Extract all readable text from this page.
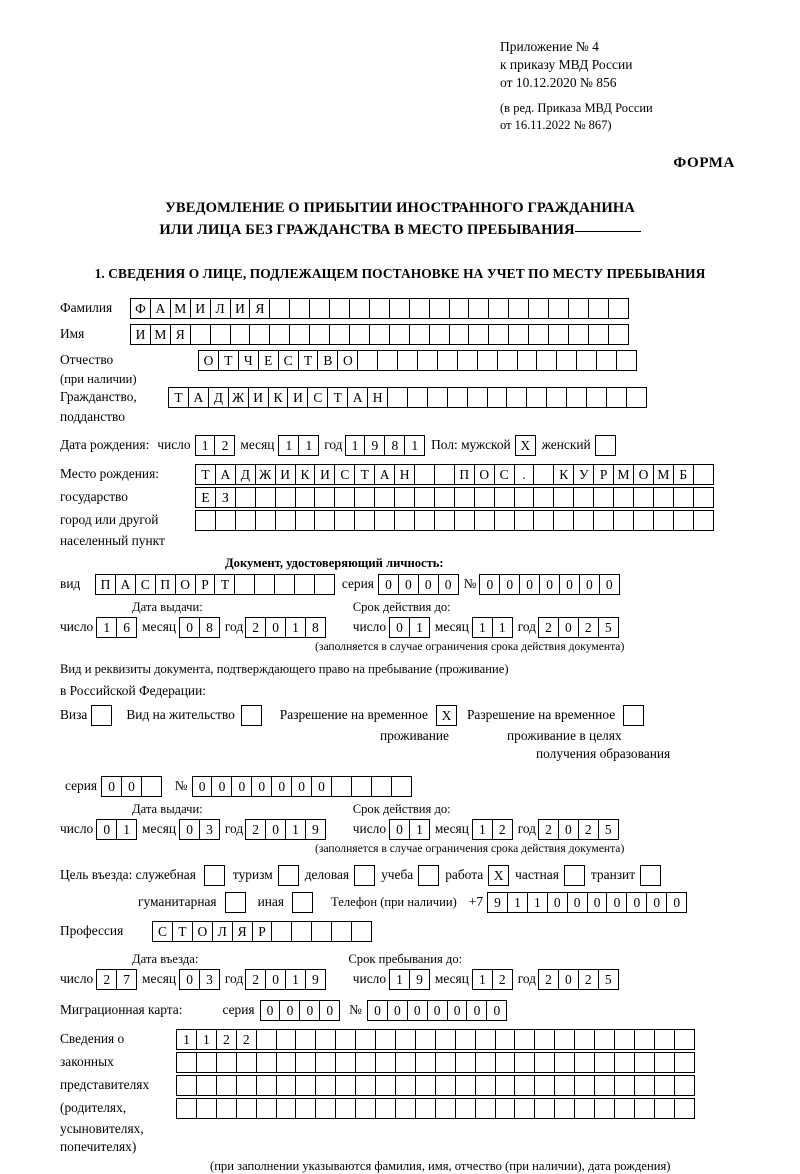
Приложение № 4
к приказу МВД России
от 10.12.2020 № 856
(в ред. Приказа МВД России
от 16.11.2022 № 867)
ФОРМА
УВЕДОМЛЕНИЕ О ПРИБЫТИИ ИНОСТРАННОГО ГРАЖДАНИНА
ИЛИ ЛИЦА БЕЗ ГРАЖДАНСТВА В МЕСТО ПРЕБЫВАНИЯ
1. СВЕДЕНИЯ О ЛИЦЕ, ПОДЛЕЖАЩЕМ ПОСТАНОВКЕ НА УЧЕТ ПО МЕСТУ ПРЕБЫВАНИЯ
Фамилия	Ф А М И Л И Я
Имя	И М Я
Отчество	О Т Ч Е С Т В О
(при наличии)
Гражданство,	Т А Д Ж И К И С Т А Н
подданство
Дата рождения: число 1 2 месяц 1 1 год 1 9 8 1 Пол: мужской X женский
Место рождения:	Т А Д Ж И К И С Т А Н	П О С	.	К У Р М О М Б
государство	Е З
город или другой
населенный пункт
Документ, удостоверяющий личность:
вид	П А С П О Р Т	серия 0 0 0 0 № 0 0 0 0 0 0 0
Дата выдачи:	Срок действия до:
число 1 6 месяц 0 8 год 2 0 1 8	число 0 1 месяц 1 1 год 2 0 2 5
(заполняется в случае ограничения срока действия документа)
Вид и реквизиты документа, подтверждающего право на пребывание (проживание)
в Российской Федерации:
Виза	Вид на жительство	Разрешение на временное	X	Разрешение на временное
проживание	проживание в целях
получения образования
серия 0 0	№ 0 0 0 0 0 0 0
Дата выдачи:	Срок действия до:
число 0 1 месяц 0 3 год 2 0 1 9	число 0 1 месяц 1 2 год 2 0 2 5
(заполняется в случае ограничения срока действия документа)
Цель въезда: служебная	туризм деловая учеба работа X частная транзит
гуманитарная	иная	Телефон (при наличии) +7 9 1 1 0 0 0 0 0 0 0
Профессия	С Т О Л Я Р
Дата въезда:	Срок пребывания до:
число 2 7 месяц 0 3 год 2 0 1 9	число 1 9 месяц 1 2 год 2 0 2 5
Миграционная карта:	серия 0 0 0 0	№ 0 0 0 0 0 0 0
Сведения о	1 1 2 2
законных
представителях
(родителях,
усыновителях,
попечителях)
(при заполнении указываются фамилия, имя, отчество (при наличии), дата рождения)
